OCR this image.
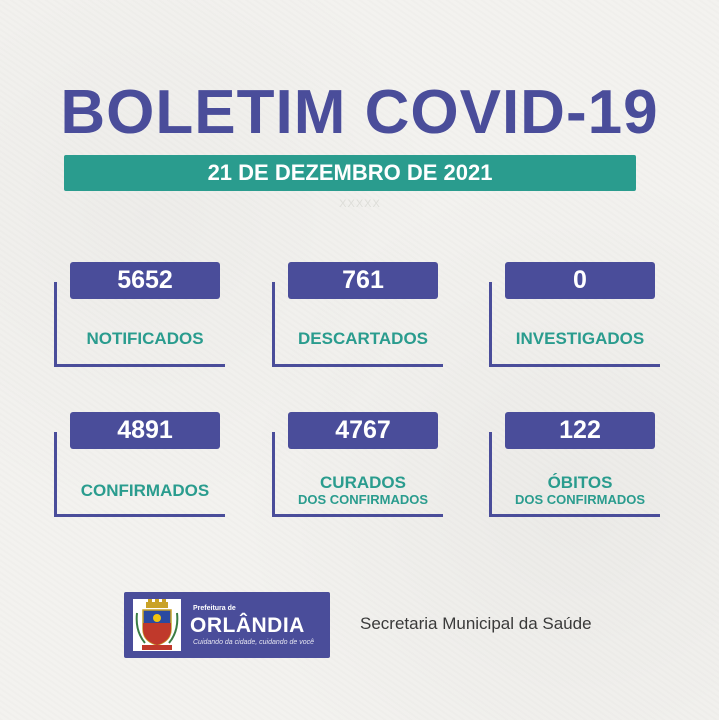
BOLETIM COVID-19
21 DE DEZEMBRO DE 2021
XXXXX
5652
NOTIFICADOS
761
DESCARTADOS
0
INVESTIGADOS
4891
CONFIRMADOS
4767
CURADOS
DOS CONFIRMADOS
122
ÓBITOS
DOS CONFIRMADOS
Prefeitura de
ORLÂNDIA
Cuidando da cidade, cuidando de você
Secretaria Municipal da Saúde
